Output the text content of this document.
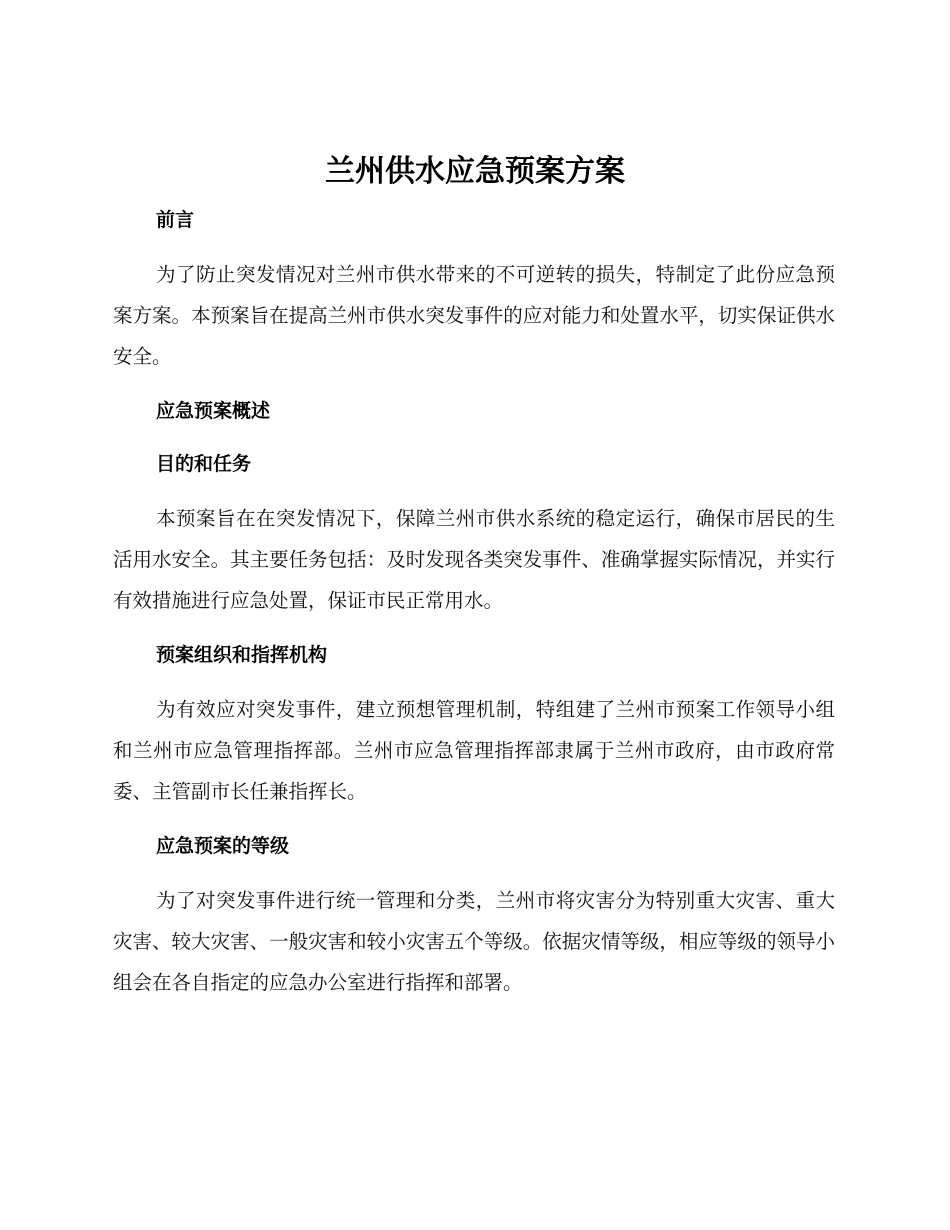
兰州供水应急预案方案

前言

为了防止突发情况对兰州市供水带来的不可逆转的损失，特制定了此份应急预案方案。本预案旨在提高兰州市供水突发事件的应对能力和处置水平，切实保证供水安全。

应急预案概述

目的和任务

本预案旨在在突发情况下，保障兰州市供水系统的稳定运行，确保市居民的生活用水安全。其主要任务包括：及时发现各类突发事件、准确掌握实际情况，并实行有效措施进行应急处置，保证市民正常用水。

预案组织和指挥机构

为有效应对突发事件，建立预想管理机制，特组建了兰州市预案工作领导小组和兰州市应急管理指挥部。兰州市应急管理指挥部隶属于兰州市政府，由市政府常委、主管副市长任兼指挥长。

应急预案的等级

为了对突发事件进行统一管理和分类，兰州市将灾害分为特别重大灾害、重大灾害、较大灾害、一般灾害和较小灾害五个等级。依据灾情等级，相应等级的领导小组会在各自指定的应急办公室进行指挥和部署。
